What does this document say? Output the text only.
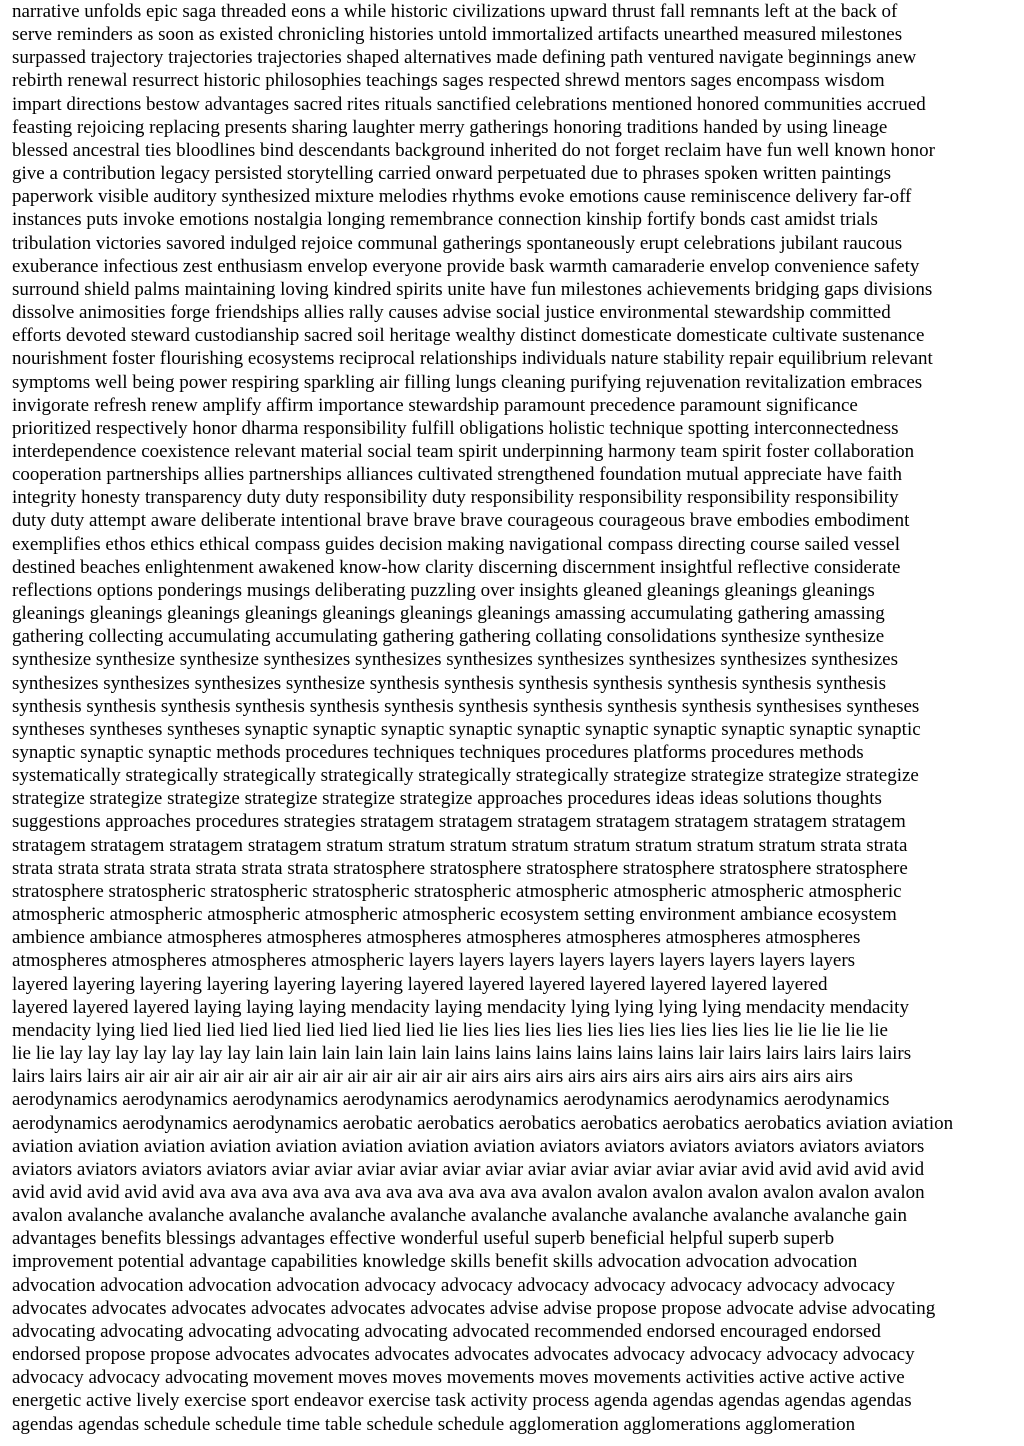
narrative unfolds epic saga threaded eons a while historic civilizations upward thrust fall remnants left at the back of
serve reminders as soon as existed chronicling histories untold immortalized artifacts unearthed measured milestones
surpassed trajectory trajectories trajectories shaped alternatives made defining path ventured navigate beginnings anew
rebirth renewal resurrect historic philosophies teachings sages respected shrewd mentors sages encompass wisdom
impart directions bestow advantages sacred rites rituals sanctified celebrations mentioned honored communities accrued
feasting rejoicing replacing presents sharing laughter merry gatherings honoring traditions handed by using lineage
blessed ancestral ties bloodlines bind descendants background inherited do not forget reclaim have fun well known honor
give a contribution legacy persisted storytelling carried onward perpetuated due to phrases spoken written paintings
paperwork visible auditory synthesized mixture melodies rhythms evoke emotions cause reminiscence delivery far-off
instances puts invoke emotions nostalgia longing remembrance connection kinship fortify bonds cast amidst trials
tribulation victories savored indulged rejoice communal gatherings spontaneously erupt celebrations jubilant raucous
exuberance infectious zest enthusiasm envelop everyone provide bask warmth camaraderie envelop convenience safety
surround shield palms maintaining loving kindred spirits unite have fun milestones achievements bridging gaps divisions
dissolve animosities forge friendships allies rally causes advise social justice environmental stewardship committed
efforts devoted steward custodianship sacred soil heritage wealthy distinct domesticate domesticate cultivate sustenance
nourishment foster flourishing ecosystems reciprocal relationships individuals nature stability repair equilibrium relevant
symptoms well being power respiring sparkling air filling lungs cleaning purifying rejuvenation revitalization embraces
invigorate refresh renew amplify affirm importance stewardship paramount precedence paramount significance
prioritized respectively honor dharma responsibility fulfill obligations holistic technique spotting interconnectedness
interdependence coexistence relevant material social team spirit underpinning harmony team spirit foster collaboration
cooperation partnerships allies partnerships alliances cultivated strengthened foundation mutual appreciate have faith
integrity honesty transparency duty duty responsibility duty responsibility responsibility responsibility responsibility
duty duty attempt aware deliberate intentional brave brave brave courageous courageous brave embodies embodiment
exemplifies ethos ethics ethical compass guides decision making navigational compass directing course sailed vessel
destined beaches enlightenment awakened know-how clarity discerning discernment insightful reflective considerate
reflections options ponderings musings deliberating puzzling over insights gleaned gleanings gleanings gleanings
gleanings gleanings gleanings gleanings gleanings gleanings gleanings amassing accumulating gathering amassing
gathering collecting accumulating accumulating gathering gathering collating consolidations synthesize synthesize
synthesize synthesize synthesize synthesizes synthesizes synthesizes synthesizes synthesizes synthesizes synthesizes
synthesizes synthesizes synthesizes synthesize synthesis synthesis synthesis synthesis synthesis synthesis synthesis
synthesis synthesis synthesis synthesis synthesis synthesis synthesis synthesis synthesis synthesis synthesises syntheses
syntheses syntheses syntheses synaptic synaptic synaptic synaptic synaptic synaptic synaptic synaptic synaptic synaptic
synaptic synaptic synaptic methods procedures techniques techniques procedures platforms procedures methods
systematically strategically strategically strategically strategically strategically strategize strategize strategize strategize
strategize strategize strategize strategize strategize strategize approaches procedures ideas ideas solutions thoughts
suggestions approaches procedures strategies stratagem stratagem stratagem stratagem stratagem stratagem stratagem
stratagem stratagem stratagem stratagem stratum stratum stratum stratum stratum stratum stratum stratum strata strata
strata strata strata strata strata strata strata stratosphere stratosphere stratosphere stratosphere stratosphere stratosphere
stratosphere stratospheric stratospheric stratospheric stratospheric atmospheric atmospheric atmospheric atmospheric
atmospheric atmospheric atmospheric atmospheric atmospheric ecosystem setting environment ambiance ecosystem
ambience ambiance atmospheres atmospheres atmospheres atmospheres atmospheres atmospheres atmospheres
atmospheres atmospheres atmospheres atmospheric layers layers layers layers layers layers layers layers layers
layered layering layering layering layering layering layered layered layered layered layered layered layered
layered layered layered laying laying laying mendacity laying mendacity lying lying lying lying mendacity mendacity
mendacity lying lied lied lied lied lied lied lied lied lied lie lies lies lies lies lies lies lies lies lies lies lie lie lie lie lie
lie lie lay lay lay lay lay lay lay lain lain lain lain lain lain lains lains lains lains lains lains lair lairs lairs lairs lairs lairs
lairs lairs lairs air air air air air air air air air air air air air air airs airs airs airs airs airs airs airs airs airs airs airs
aerodynamics aerodynamics aerodynamics aerodynamics aerodynamics aerodynamics aerodynamics aerodynamics
aerodynamics aerodynamics aerodynamics aerobatic aerobatics aerobatics aerobatics aerobatics aerobatics aviation aviation
aviation aviation aviation aviation aviation aviation aviation aviation aviators aviators aviators aviators aviators aviators
aviators aviators aviators aviators aviar aviar aviar aviar aviar aviar aviar aviar aviar aviar aviar avid avid avid avid avid
avid avid avid avid avid ava ava ava ava ava ava ava ava ava ava ava avalon avalon avalon avalon avalon avalon avalon
avalon avalanche avalanche avalanche avalanche avalanche avalanche avalanche avalanche avalanche avalanche gain
advantages benefits blessings advantages effective wonderful useful superb beneficial helpful superb superb
improvement potential advantage capabilities knowledge skills benefit skills advocation advocation advocation
advocation advocation advocation advocation advocacy advocacy advocacy advocacy advocacy advocacy advocacy
advocates advocates advocates advocates advocates advocates advise advise propose propose advocate advise advocating
advocating advocating advocating advocating advocating advocated recommended endorsed encouraged endorsed
endorsed propose propose advocates advocates advocates advocates advocates advocacy advocacy advocacy advocacy
advocacy advocacy advocating movement moves moves movements moves movements activities active active active
energetic active lively exercise sport endeavor exercise task activity process agenda agendas agendas agendas agendas
agendas agendas schedule schedule time table schedule schedule agglomeration agglomerations agglomeration
